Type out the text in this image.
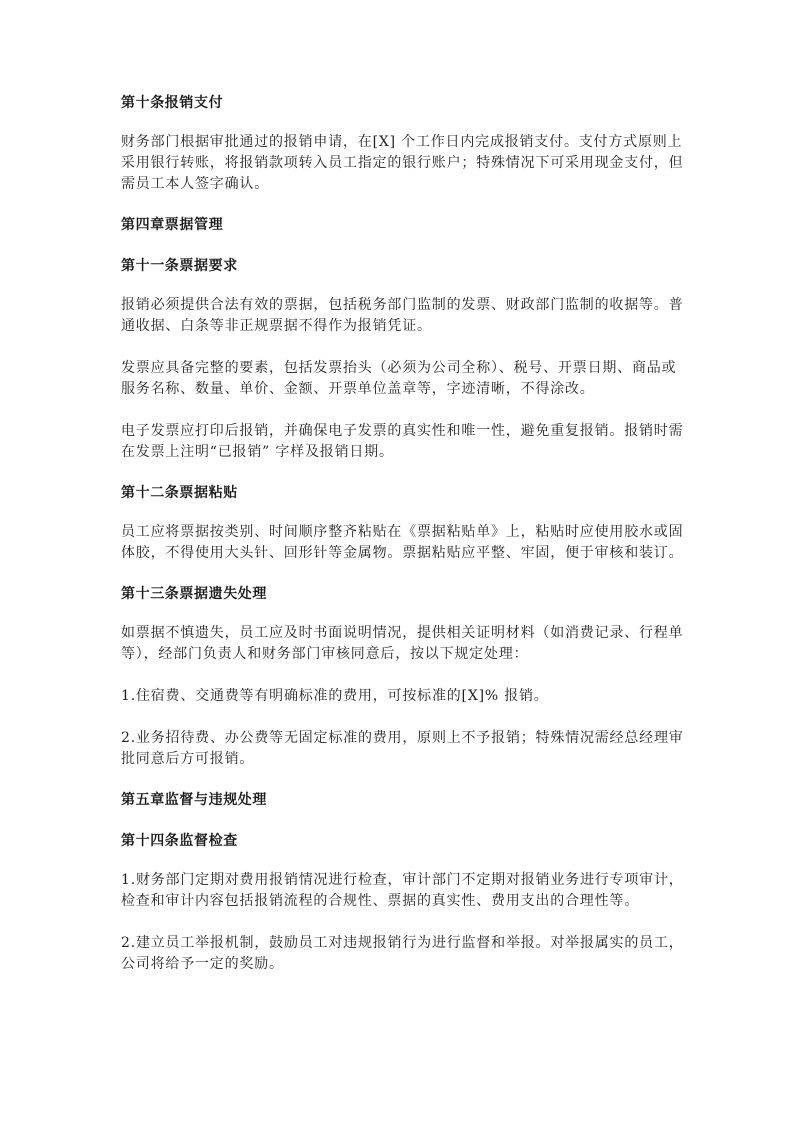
第十条报销支付

财务部门根据审批通过的报销申请，在[X] 个工作日内完成报销支付。支付方式原则上采用银行转账，将报销款项转入员工指定的银行账户；特殊情况下可采用现金支付，但需员工本人签字确认。

第四章票据管理
第十一条票据要求

报销必须提供合法有效的票据，包括税务部门监制的发票、财政部门监制的收据等。普通收据、白条等非正规票据不得作为报销凭证。

发票应具备完整的要素，包括发票抬头（必须为公司全称）、税号、开票日期、商品或服务名称、数量、单价、金额、开票单位盖章等，字迹清晰，不得涂改。

电子发票应打印后报销，并确保电子发票的真实性和唯一性，避免重复报销。报销时需在发票上注明“已报销” 字样及报销日期。

第十二条票据粘贴

员工应将票据按类别、时间顺序整齐粘贴在《票据粘贴单》上，粘贴时应使用胶水或固体胶，不得使用大头针、回形针等金属物。票据粘贴应平整、牢固，便于审核和装订。

第十三条票据遗失处理

如票据不慎遗失，员工应及时书面说明情况，提供相关证明材料（如消费记录、行程单等），经部门负责人和财务部门审核同意后，按以下规定处理：

1.住宿费、交通费等有明确标准的费用，可按标准的[X]% 报销。

2.业务招待费、办公费等无固定标准的费用，原则上不予报销；特殊情况需经总经理审批同意后方可报销。

第五章监督与违规处理
第十四条监督检查

1.财务部门定期对费用报销情况进行检查，审计部门不定期对报销业务进行专项审计，检查和审计内容包括报销流程的合规性、票据的真实性、费用支出的合理性等。

2.建立员工举报机制，鼓励员工对违规报销行为进行监督和举报。对举报属实的员工，公司将给予一定的奖励。
